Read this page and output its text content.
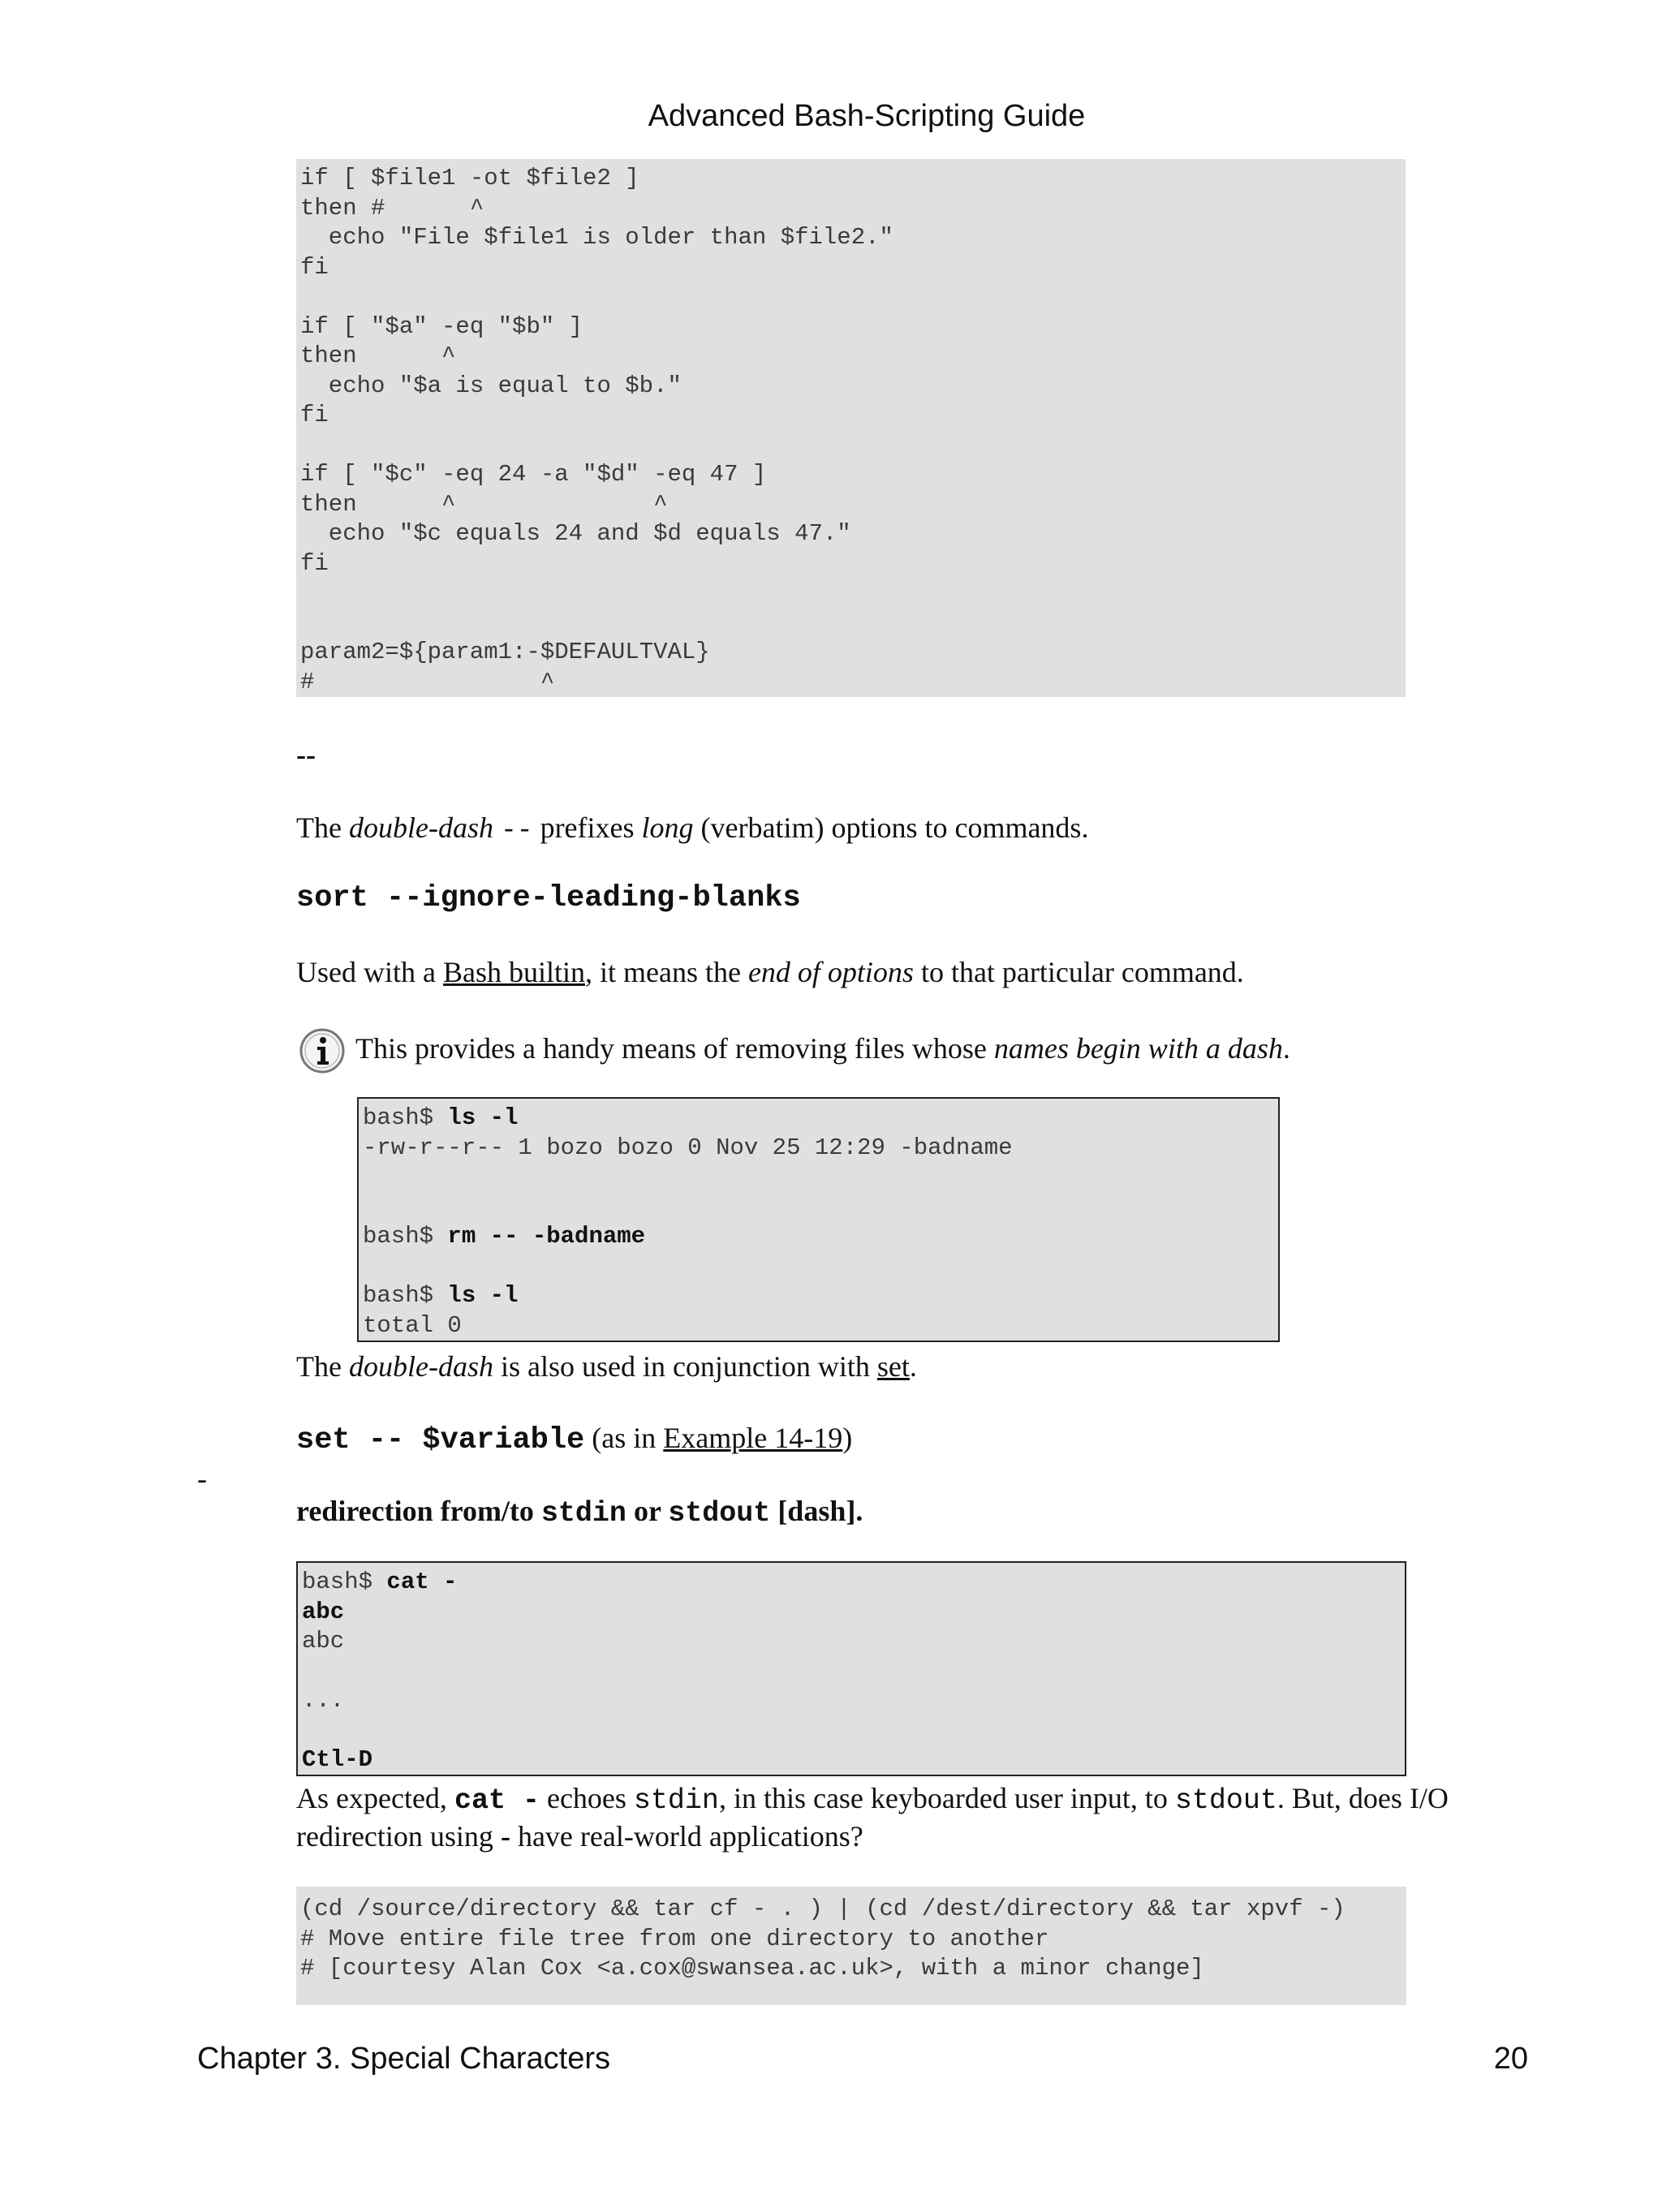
Advanced Bash-Scripting Guide
if [ $file1 -ot $file2 ]
then #      ^
echo "File $file1 is older than $file2."
fi

if [ "$a" -eq "$b" ]
then      ^
echo "$a is equal to $b."
fi

if [ "$c" -eq 24 -a "$d" -eq 47 ]
then      ^              ^
echo "$c equals 24 and $d equals 47."
fi

param2=${param1:-$DEFAULTVAL}
#                ^
--
The double-dash -- prefixes long (verbatim) options to commands.
sort --ignore-leading-blanks
Used with a Bash builtin, it means the end of options to that particular command.
This provides a handy means of removing files whose names begin with a dash.
bash$ ls -l
-rw-r--r-- 1 bozo bozo 0 Nov 25 12:29 -badname

bash$ rm -- -badname

bash$ ls -l
total 0
The double-dash is also used in conjunction with set.
set -- $variable (as in Example 14-19)
-
redirection from/to stdin or stdout [dash].
bash$ cat -
abc
abc

...

Ctl-D
As expected, cat - echoes stdin, in this case keyboarded user input, to stdout. But, does I/O
redirection using - have real-world applications?
(cd /source/directory && tar cf - . ) | (cd /dest/directory && tar xpvf -)
# Move entire file tree from one directory to another
# [courtesy Alan Cox <a.cox@swansea.ac.uk>, with a minor change]
Chapter 3. Special Characters	20
